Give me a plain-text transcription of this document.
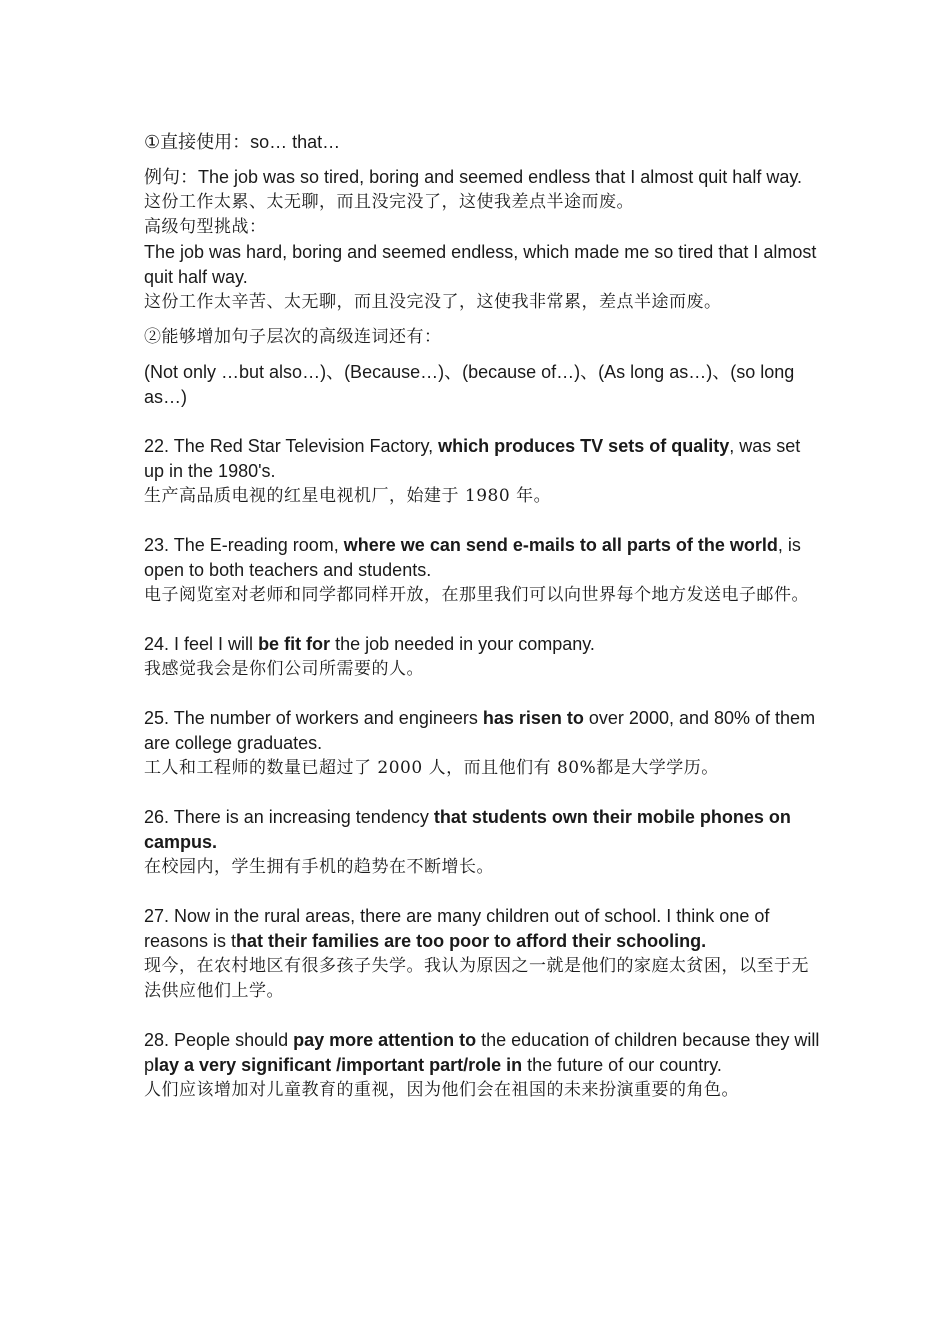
①直接使用：so… that…

例句：The job was so tired, boring and seemed endless that I almost quit half way.

这份工作太累、太无聊，而且没完没了，这使我差点半途而废。

高级句型挑战：

The job was hard, boring and seemed endless, which made me so tired that I almost quit half way.

这份工作太辛苦、太无聊，而且没完没了，这使我非常累，差点半途而废。

②能够增加句子层次的高级连词还有：

(Not only …but also…)、(Because…)、(because of…)、(As long as…)、(so long as…)

22. The Red Star Television Factory, which produces TV sets of quality, was set up in the 1980's.

生产高品质电视的红星电视机厂，始建于 1980 年。

23. The E-reading room, where we can send e-mails to all parts of the world, is open to both teachers and students.

电子阅览室对老师和同学都同样开放，在那里我们可以向世界每个地方发送电子邮件。

24. I feel I will be fit for the job needed in your company.

我感觉我会是你们公司所需要的人。

25. The number of workers and engineers has risen to over 2000, and 80% of them are college graduates.

工人和工程师的数量已超过了 2000 人，而且他们有 80%都是大学学历。

26. There is an increasing tendency that students own their mobile phones on campus.

在校园内，学生拥有手机的趋势在不断增长。

27. Now in the rural areas, there are many children out of school. I think one of reasons is that their families are too poor to afford their schooling.

现今，在农村地区有很多孩子失学。我认为原因之一就是他们的家庭太贫困，以至于无法供应他们上学。

28. People should pay more attention to the education of children because they will play a very significant /important part/role in the future of our country.

人们应该增加对儿童教育的重视，因为他们会在祖国的未来扮演重要的角色。
